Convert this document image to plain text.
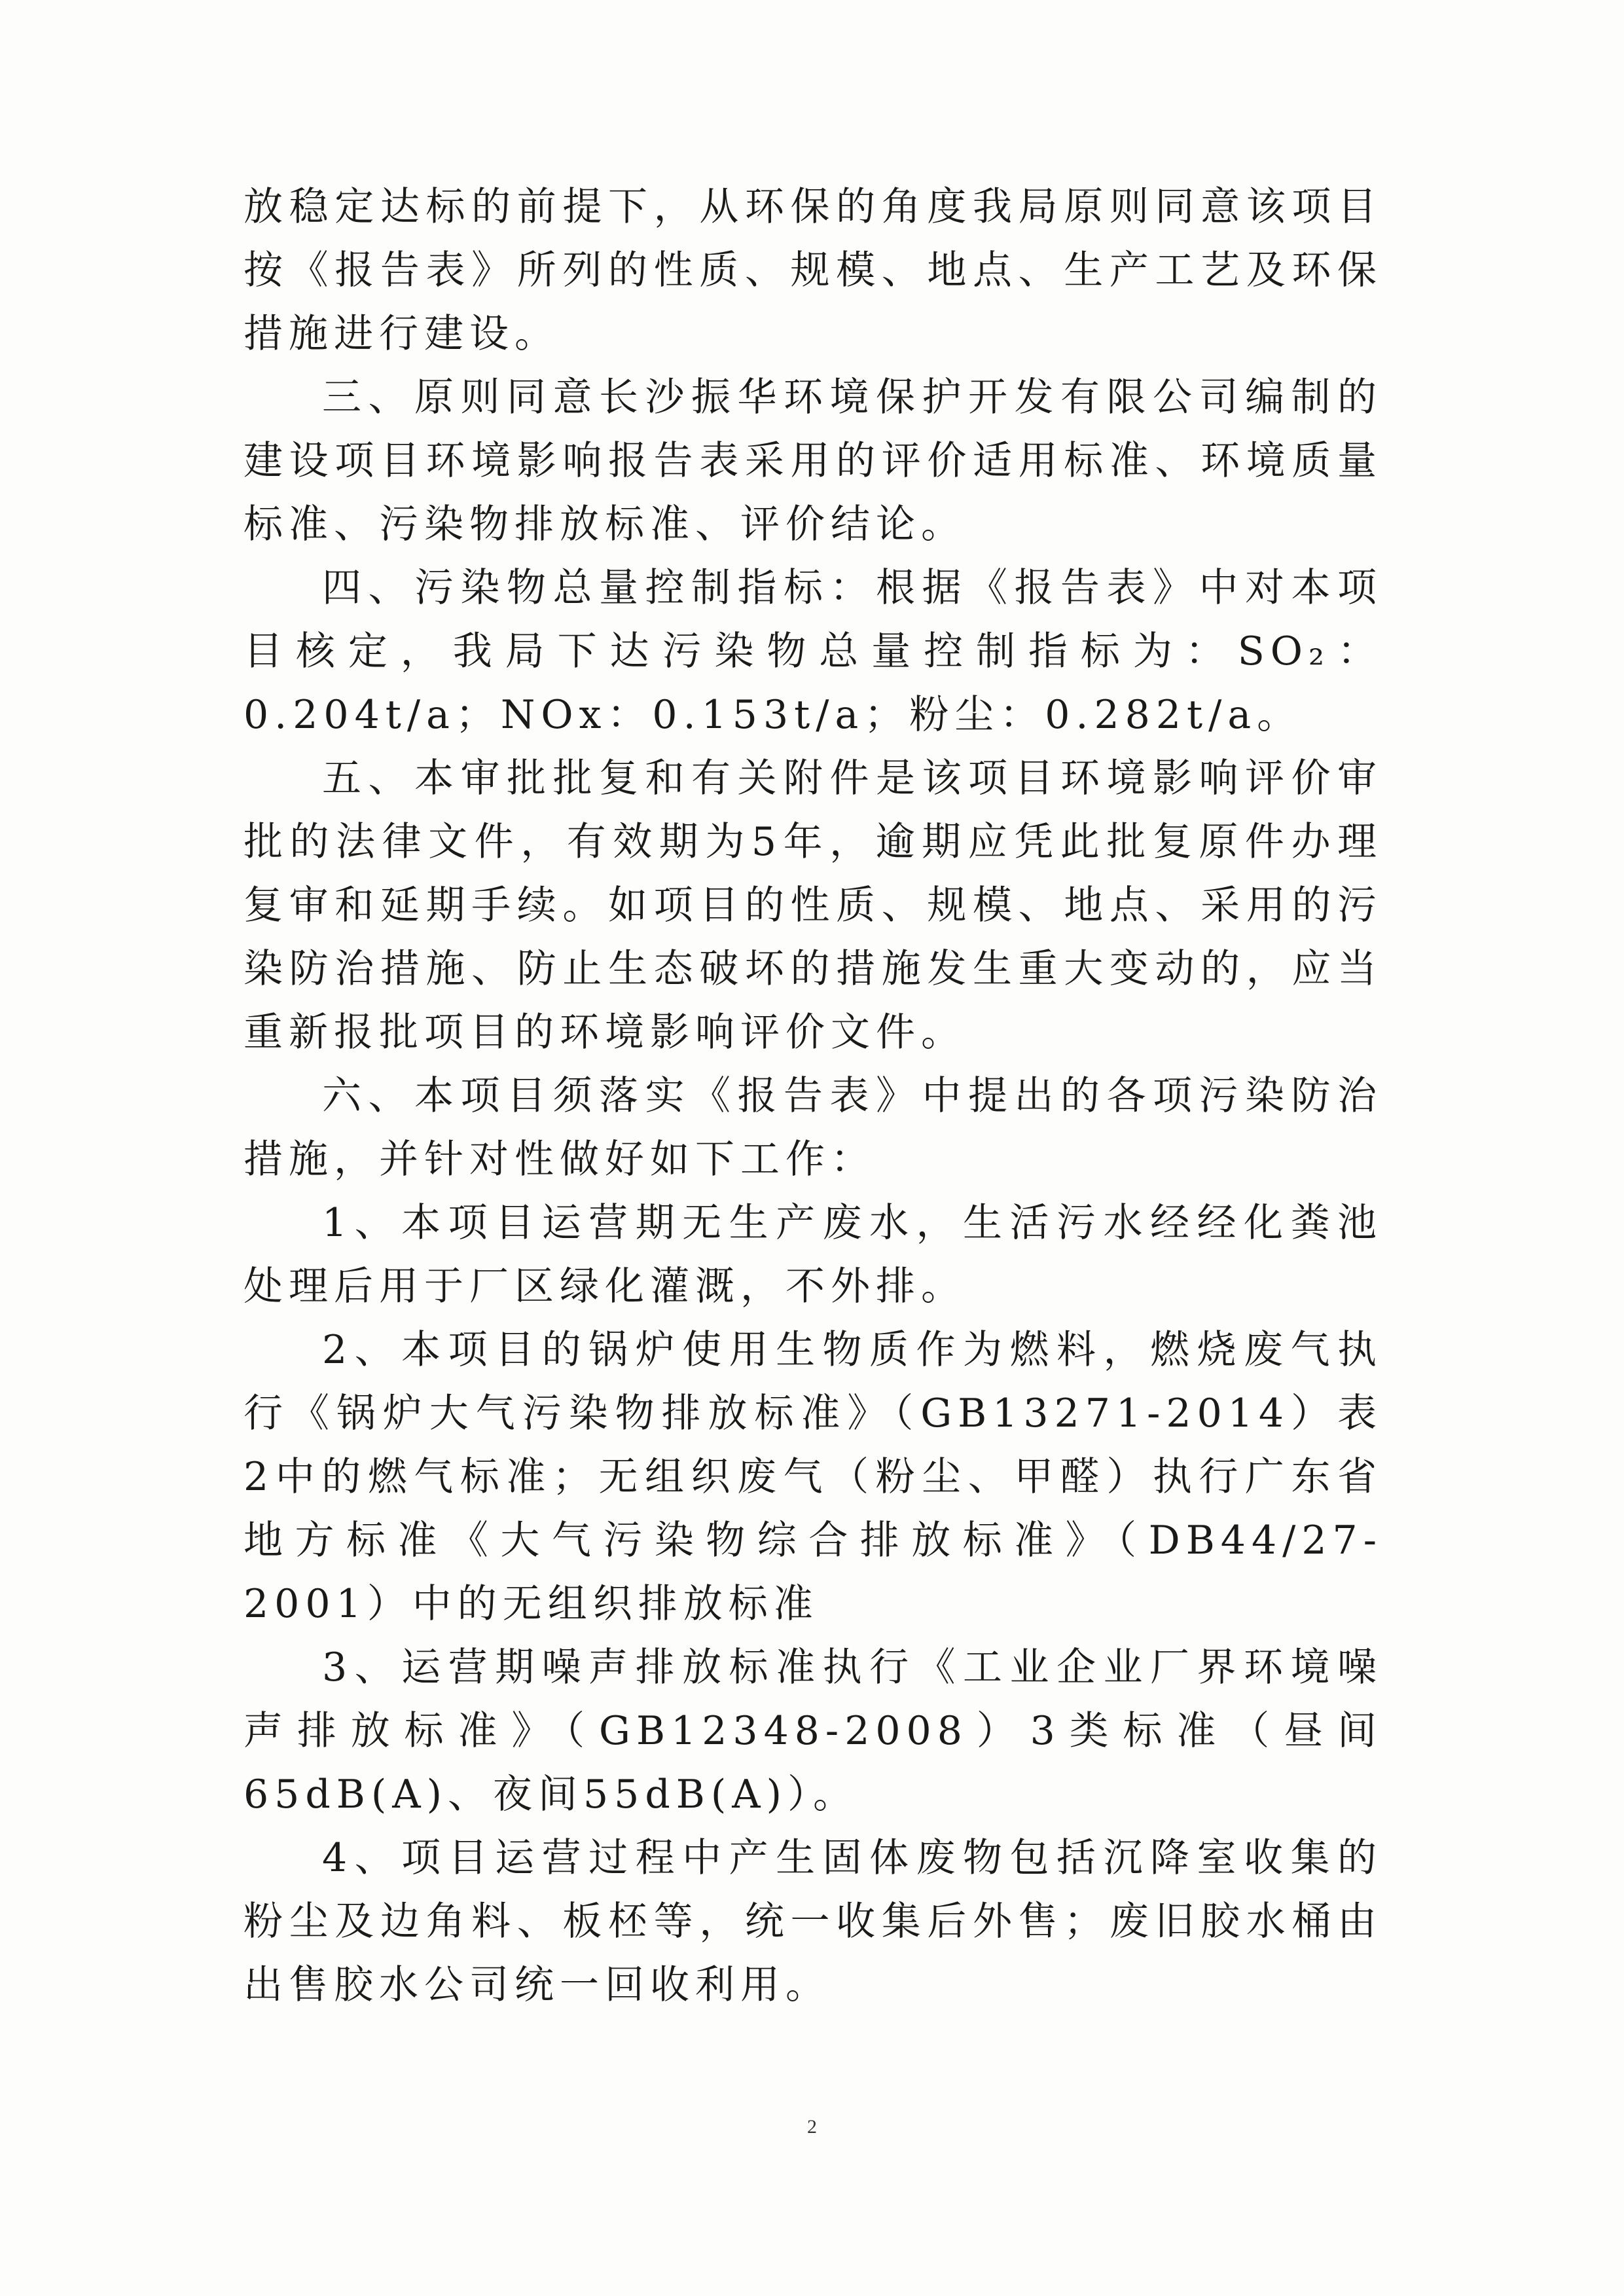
放稳定达标的前提下，从环保的角度我局原则同意该项目按《报告表》所列的性质、规模、地点、生产工艺及环保措施进行建设。

三、原则同意长沙振华环境保护开发有限公司编制的建设项目环境影响报告表采用的评价适用标准、环境质量标准、污染物排放标准、评价结论。

四、污染物总量控制指标：根据《报告表》中对本项目核定，我局下达污染物总量控制指标为：SO₂：0.204t/a；NOx：0.153t/a；粉尘：0.282t/a。

五、本审批批复和有关附件是该项目环境影响评价审批的法律文件，有效期为5年，逾期应凭此批复原件办理复审和延期手续。如项目的性质、规模、地点、采用的污染防治措施、防止生态破坏的措施发生重大变动的，应当重新报批项目的环境影响评价文件。

六、本项目须落实《报告表》中提出的各项污染防治措施，并针对性做好如下工作：

1、本项目运营期无生产废水，生活污水经经化粪池处理后用于厂区绿化灌溉，不外排。

2、本项目的锅炉使用生物质作为燃料，燃烧废气执行《锅炉大气污染物排放标准》（GB13271-2014）表2中的燃气标准；无组织废气（粉尘、甲醛）执行广东省地方标准《大气污染物综合排放标准》（DB44/27-2001）中的无组织排放标准

3、运营期噪声排放标准执行《工业企业厂界环境噪声排放标准》（GB12348-2008）3类标准（昼间65dB(A)、夜间55dB(A)）。

4、项目运营过程中产生固体废物包括沉降室收集的粉尘及边角料、板柸等，统一收集后外售；废旧胶水桶由出售胶水公司统一回收利用。

2
